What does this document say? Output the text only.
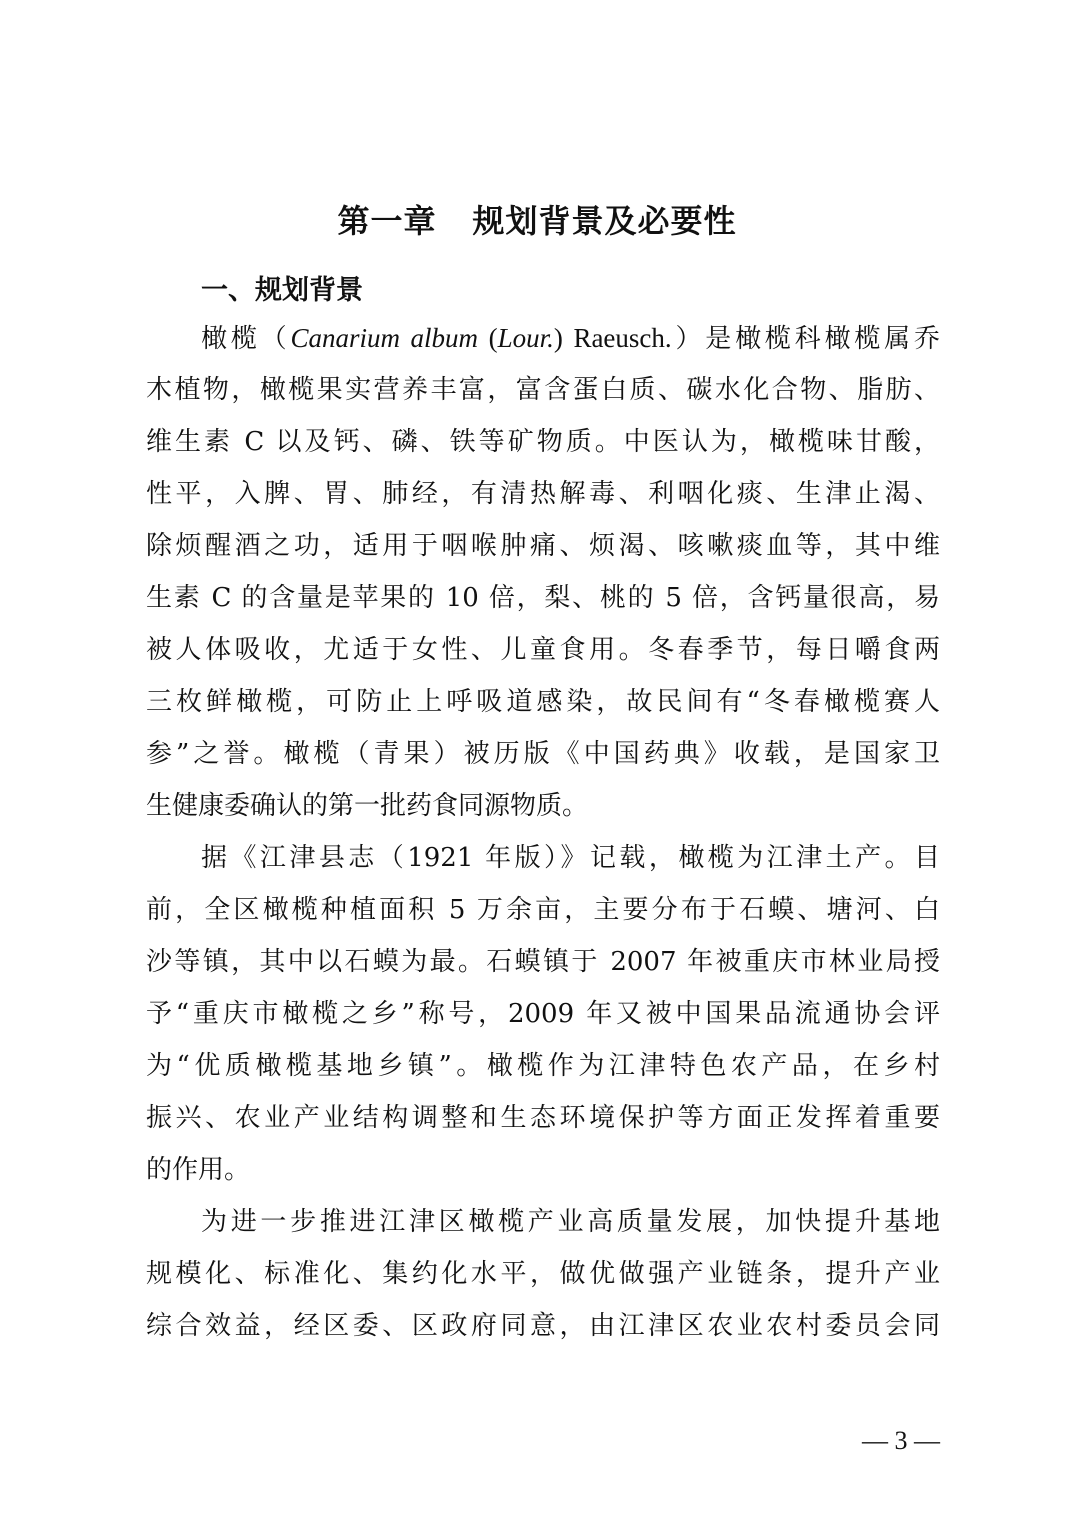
第一章 规划背景及必要性
一、规划背景

橄榄（Canarium album (Lour.) Raeusch.）是橄榄科橄榄属乔

木植物，橄榄果实营养丰富，富含蛋白质、碳水化合物、脂肪、

维生素 C 以及钙、磷、铁等矿物质。中医认为，橄榄味甘酸，

性平，入脾、胃、肺经，有清热解毒、利咽化痰、生津止渴、

除烦醒酒之功，适用于咽喉肿痛、烦渴、咳嗽痰血等，其中维

生素 C 的含量是苹果的 10 倍，梨、桃的 5 倍，含钙量很高，易

被人体吸收，尤适于女性、儿童食用。冬春季节，每日嚼食两

三枚鲜橄榄，可防止上呼吸道感染，故民间有“冬春橄榄赛人

参”之誉。橄榄（青果）被历版《中国药典》收载，是国家卫

生健康委确认的第一批药食同源物质。

据《江津县志（1921 年版）》记载，橄榄为江津土产。目

前，全区橄榄种植面积 5 万余亩，主要分布于石蟆、塘河、白

沙等镇，其中以石蟆为最。石蟆镇于 2007 年被重庆市林业局授

予“重庆市橄榄之乡”称号，2009 年又被中国果品流通协会评

为“优质橄榄基地乡镇”。橄榄作为江津特色农产品，在乡村

振兴、农业产业结构调整和生态环境保护等方面正发挥着重要

的作用。

为进一步推进江津区橄榄产业高质量发展，加快提升基地

规模化、标准化、集约化水平，做优做强产业链条，提升产业

综合效益，经区委、区政府同意，由江津区农业农村委员会同

— 3 —
